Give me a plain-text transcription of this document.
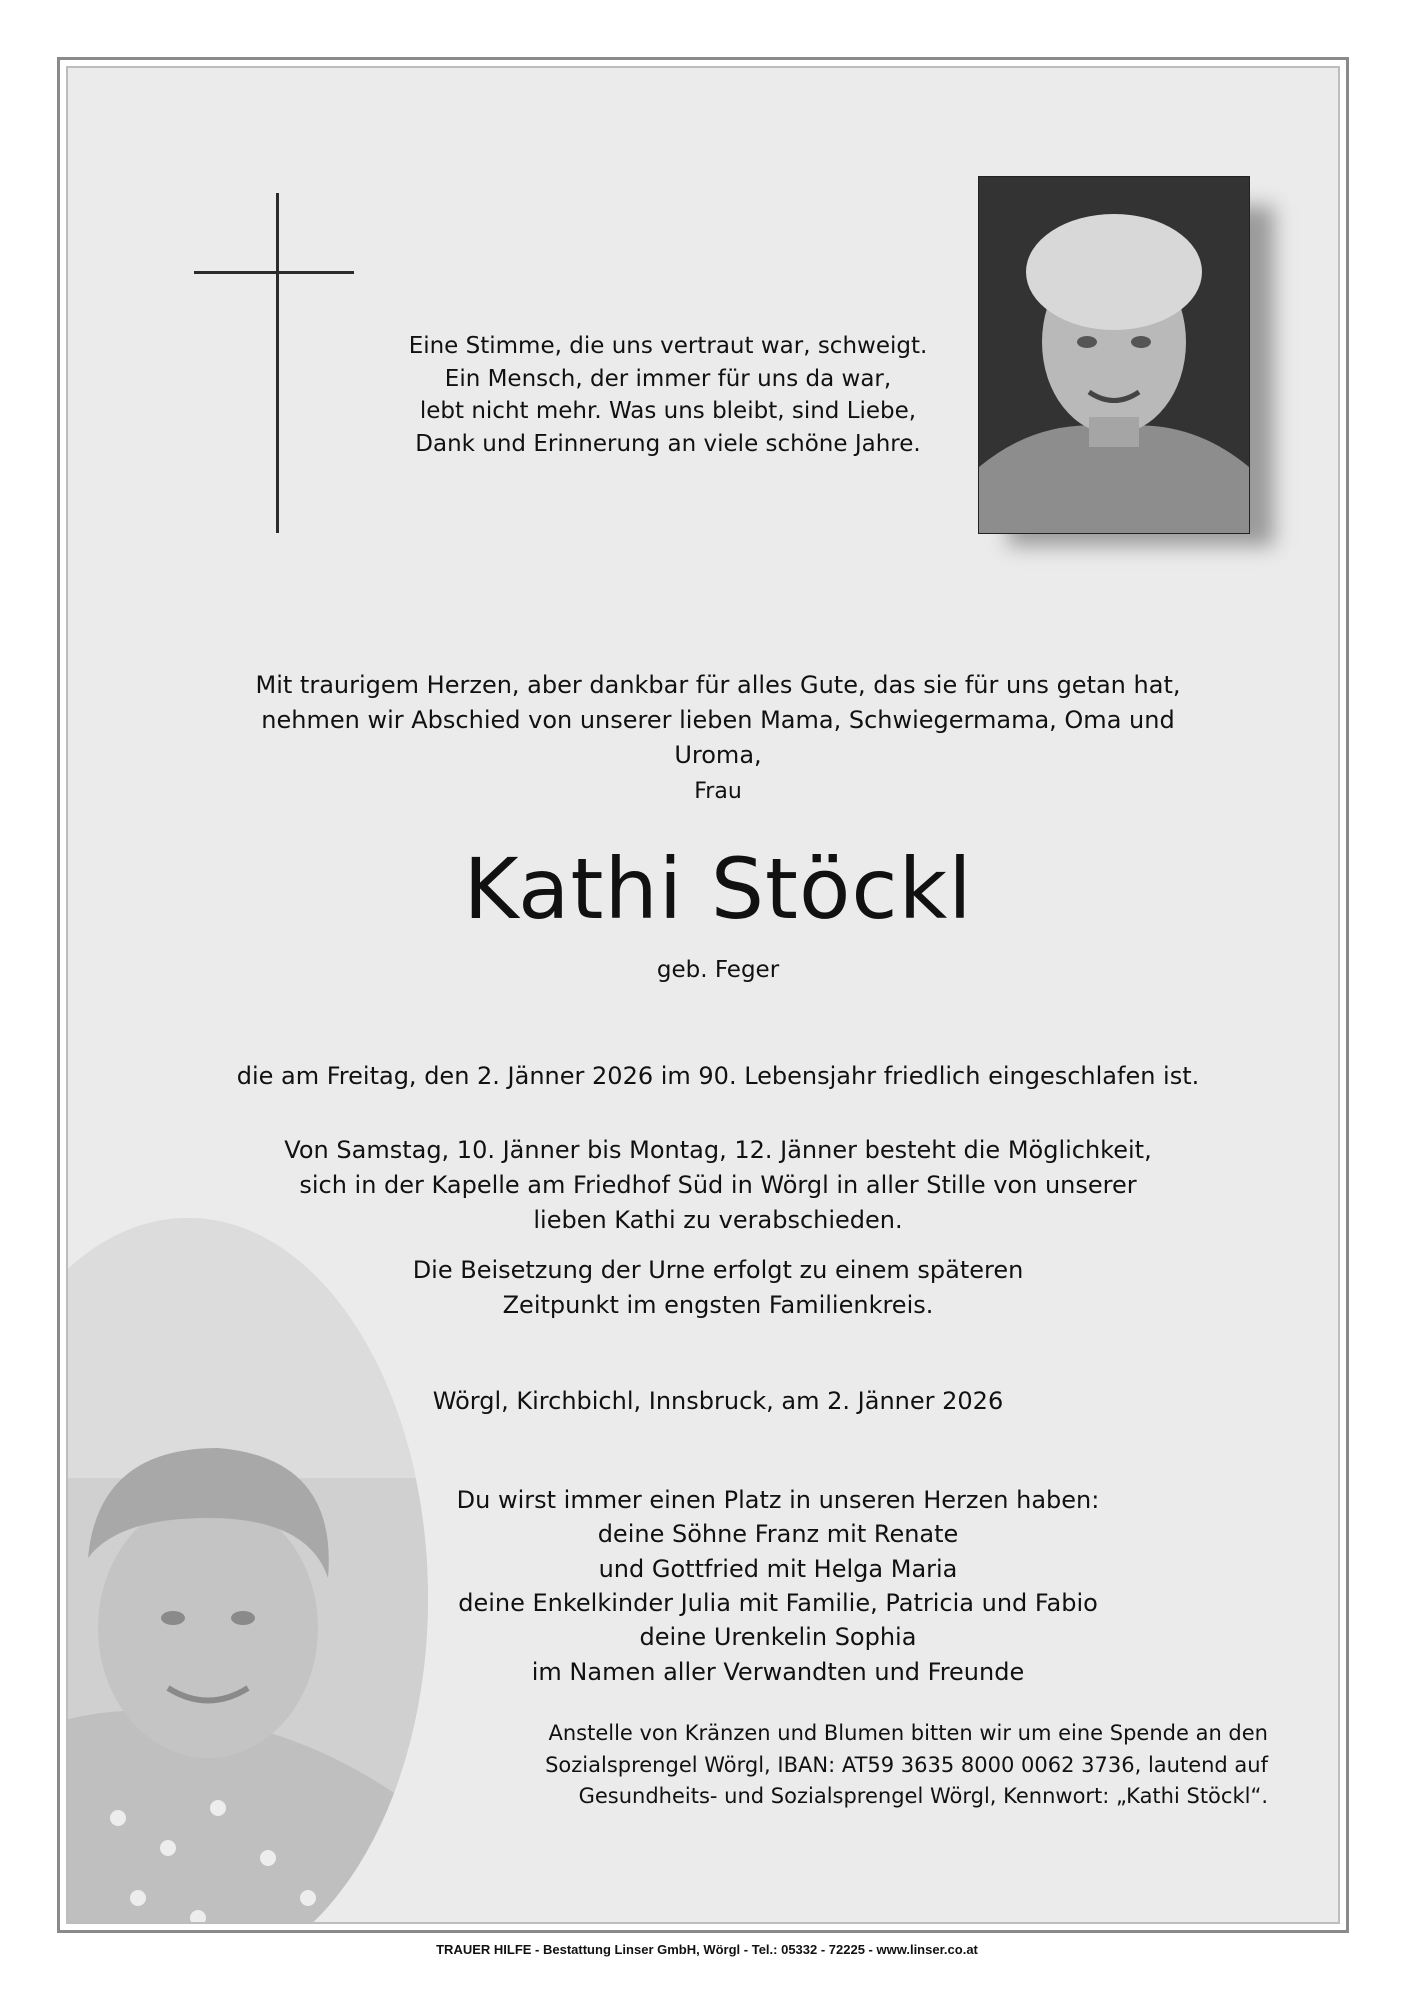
Eine Stimme, die uns vertraut war, schweigt.
Ein Mensch, der immer für uns da war,
lebt nicht mehr. Was uns bleibt, sind Liebe,
Dank und Erinnerung an viele schöne Jahre.
Mit traurigem Herzen, aber dankbar für alles Gute, das sie für uns getan hat,
nehmen wir Abschied von unserer lieben Mama, Schwiegermama, Oma und Uroma,
Frau
Kathi Stöckl
geb. Feger
die am Freitag, den 2. Jänner 2026 im 90. Lebensjahr friedlich eingeschlafen ist.
Von Samstag, 10. Jänner bis Montag, 12. Jänner besteht die Möglichkeit,
sich in der Kapelle am Friedhof Süd in Wörgl in aller Stille von unserer
lieben Kathi zu verabschieden.
Die Beisetzung der Urne erfolgt zu einem späteren
Zeitpunkt im engsten Familienkreis.
Wörgl, Kirchbichl, Innsbruck, am 2. Jänner 2026
Du wirst immer einen Platz in unseren Herzen haben:
deine Söhne Franz mit Renate
und Gottfried mit Helga Maria
deine Enkelkinder Julia mit Familie, Patricia und Fabio
deine Urenkelin Sophia
im Namen aller Verwandten und Freunde
Anstelle von Kränzen und Blumen bitten wir um eine Spende an den
Sozialsprengel Wörgl, IBAN: AT59 3635 8000 0062 3736, lautend auf
Gesundheits- und Sozialsprengel Wörgl, Kennwort: „Kathi Stöckl“.
TRAUER HILFE - Bestattung Linser GmbH, Wörgl - Tel.: 05332 - 72225 - www.linser.co.at
